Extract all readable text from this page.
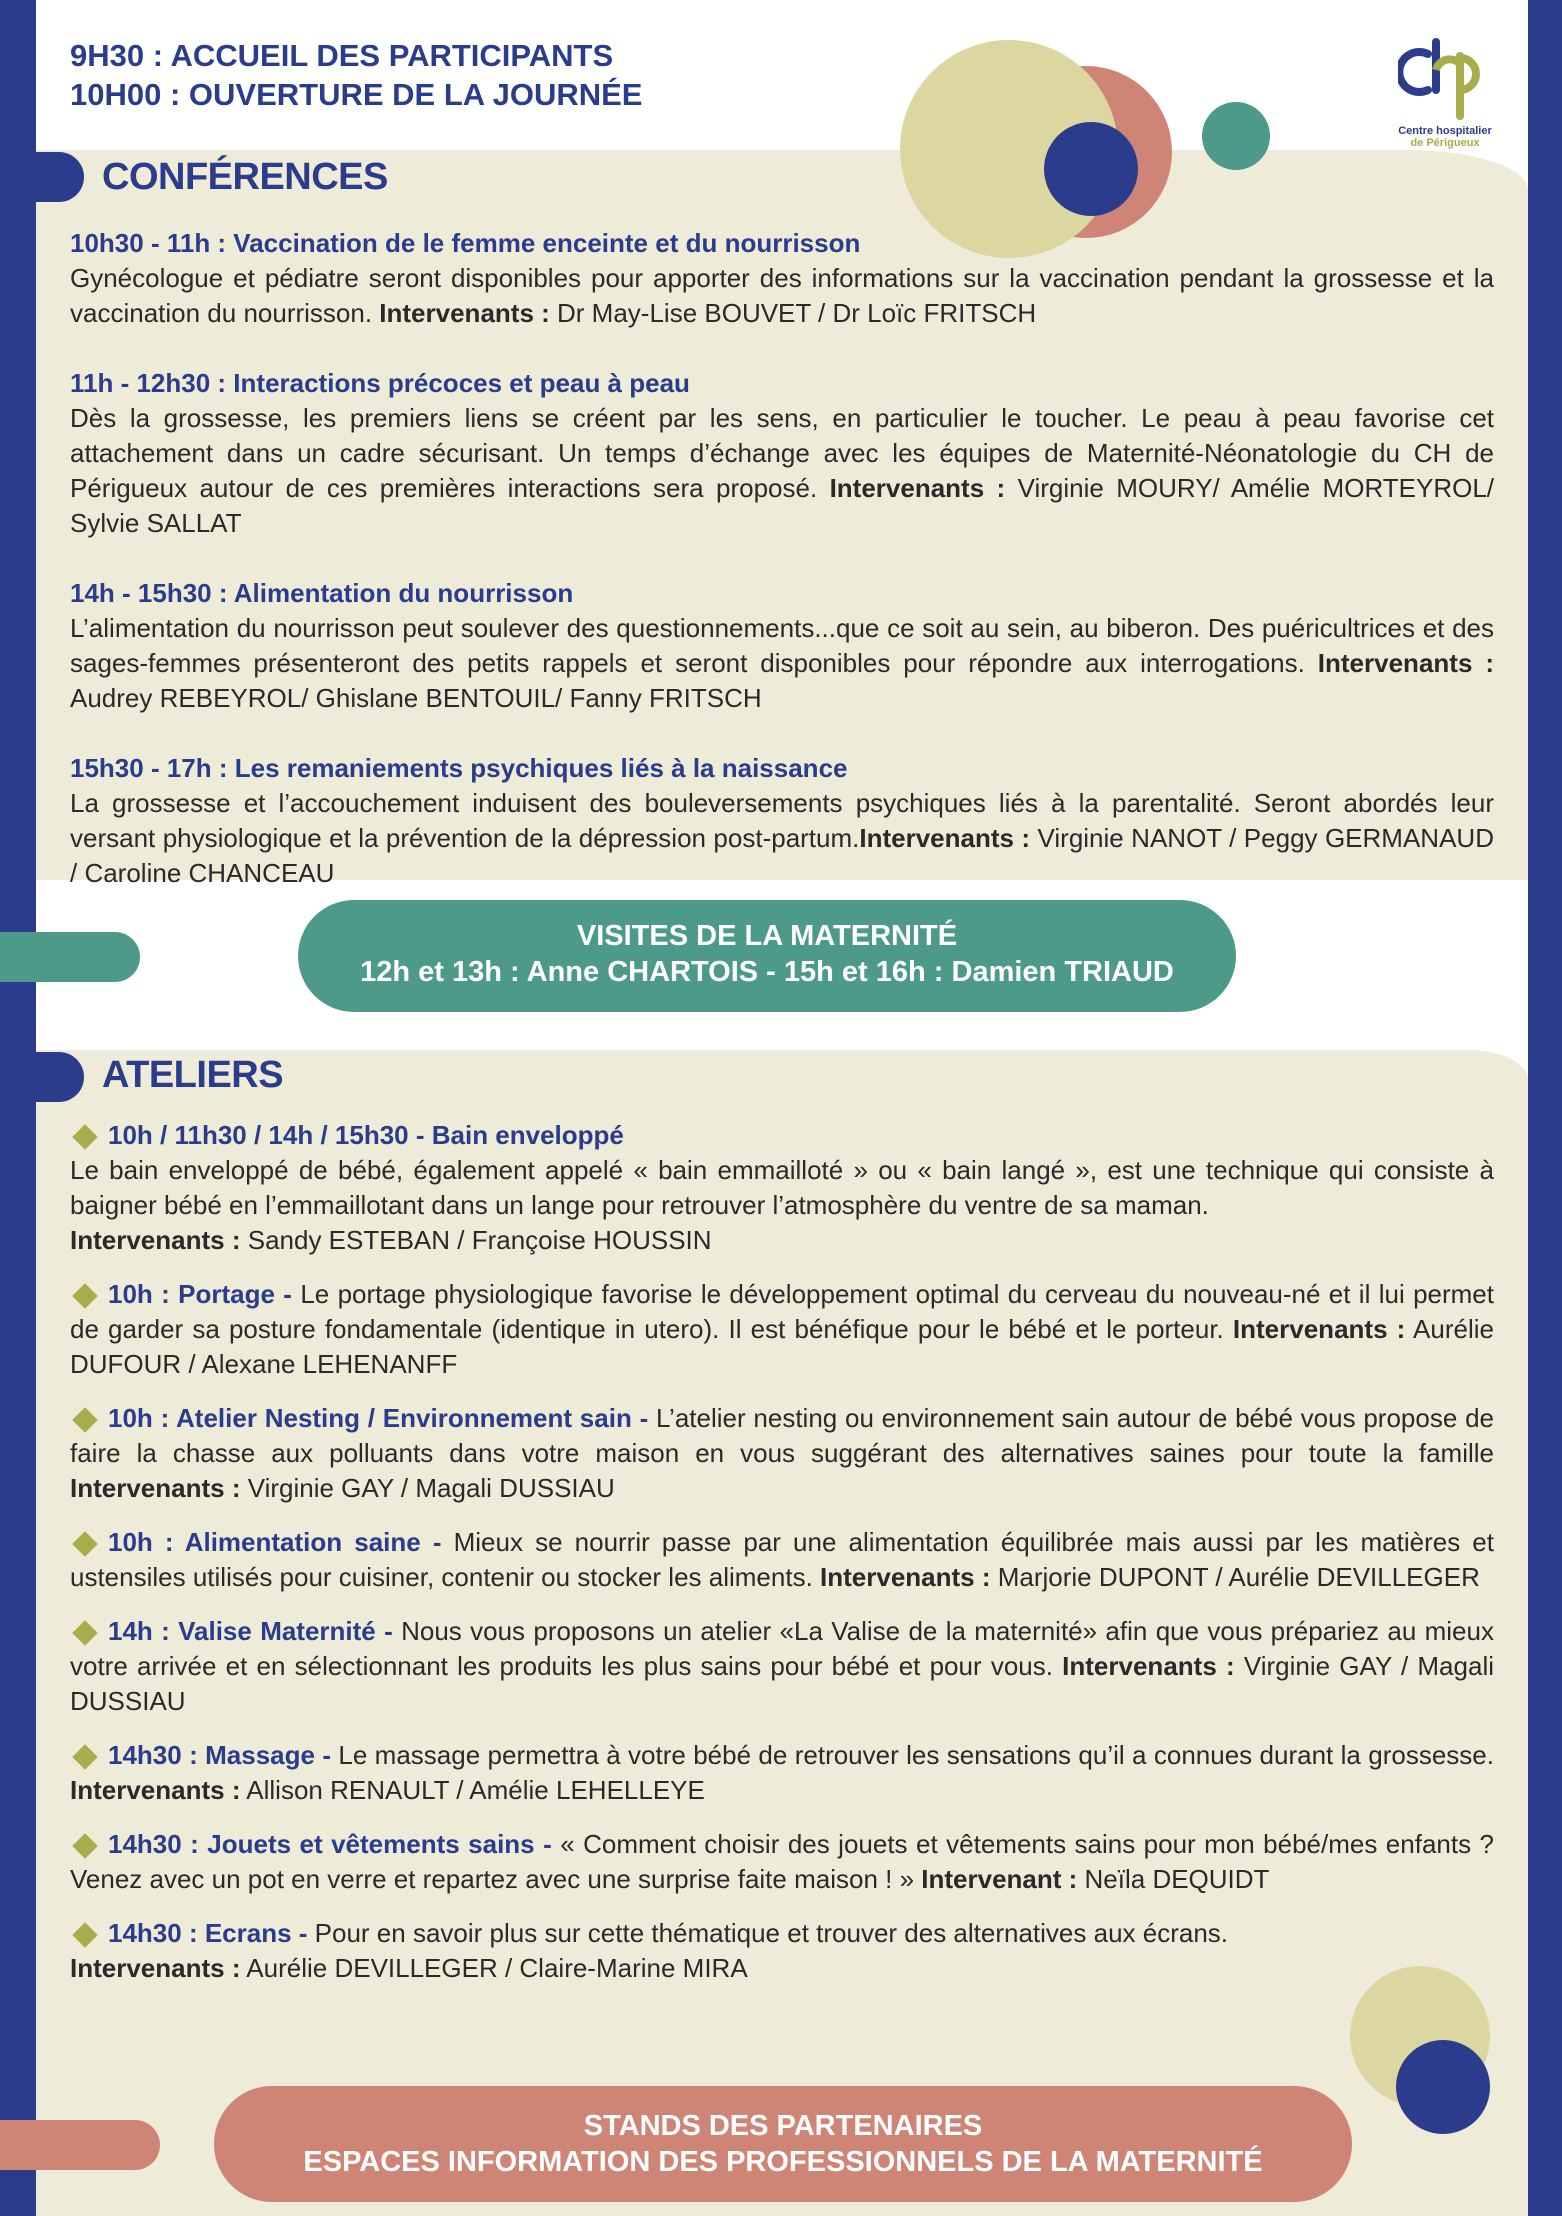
Centre hospitalier
de Périgueux
9H30 : ACCUEIL DES PARTICIPANTS
10H00 : OUVERTURE DE LA JOURNÉE
CONFÉRENCES

10h30 - 11h : Vaccination de le femme enceinte et du nourrisson
Gynécologue et pédiatre seront disponibles pour apporter des informations sur la vaccination pendant la grossesse et la vaccination du nourrisson. Intervenants : Dr May-Lise BOUVET / Dr Loïc FRITSCH

11h - 12h30 : Interactions précoces et peau à peau
Dès la grossesse, les premiers liens se créent par les sens, en particulier le toucher. Le peau à peau favorise cet attachement dans un cadre sécurisant. Un temps d’échange avec les équipes de Maternité-Néonatologie du CH de Périgueux autour de ces premières interactions sera proposé. Intervenants : Virginie MOURY/ Amélie MORTEYROL/ Sylvie SALLAT

14h - 15h30 : Alimentation du nourrisson
L’alimentation du nourrisson peut soulever des questionnements...que ce soit au sein, au biberon. Des puéricultrices et des sages-femmes présenteront des petits rappels et seront disponibles pour répondre aux interrogations. Intervenants : Audrey REBEYROL/ Ghislane BENTOUIL/ Fanny FRITSCH

15h30 - 17h : Les remaniements psychiques liés à la naissance
La grossesse et l’accouchement induisent des bouleversements psychiques liés à la parentalité. Seront abordés leur versant physiologique et la prévention de la dépression post-partum.Intervenants : Virginie NANOT / Peggy GERMANAUD / Caroline CHANCEAU

VISITES DE LA MATERNITÉ
12h et 13h : Anne CHARTOIS - 15h et 16h : Damien TRIAUD
ATELIERS

10h / 11h30 / 14h / 15h30 - Bain enveloppé
Le bain enveloppé de bébé, également appelé « bain emmailloté » ou « bain langé », est une technique qui consiste à baigner bébé en l’emmaillotant dans un lange pour retrouver l’atmosphère du ventre de sa maman.
Intervenants : Sandy ESTEBAN / Françoise HOUSSIN

10h : Portage - Le portage physiologique favorise le développement optimal du cerveau du nouveau-né et il lui permet de garder sa posture fondamentale (identique in utero). Il est bénéfique pour le bébé et le porteur. Intervenants : Aurélie DUFOUR / Alexane LEHENANFF

10h : Atelier Nesting / Environnement sain - L’atelier nesting ou environnement sain autour de bébé vous propose de faire la chasse aux polluants dans votre maison en vous suggérant des alternatives saines pour toute la famille Intervenants : Virginie GAY / Magali DUSSIAU

10h : Alimentation saine - Mieux se nourrir passe par une alimentation équilibrée mais aussi par les matières et ustensiles utilisés pour cuisiner, contenir ou stocker les aliments. Intervenants : Marjorie DUPONT / Aurélie DEVILLEGER

14h : Valise Maternité - Nous vous proposons un atelier «La Valise de la maternité» afin que vous prépariez au mieux votre arrivée et en sélectionnant les produits les plus sains pour bébé et pour vous. Intervenants : Virginie GAY / Magali DUSSIAU

14h30 : Massage - Le massage permettra à votre bébé de retrouver les sensations qu’il a connues durant la grossesse. Intervenants : Allison RENAULT / Amélie LEHELLEYE

14h30 : Jouets et vêtements sains - « Comment choisir des jouets et vêtements sains pour mon bébé/mes enfants ? Venez avec un pot en verre et repartez avec une surprise faite maison ! » Intervenant : Neïla DEQUIDT

14h30 : Ecrans - Pour en savoir plus sur cette thématique et trouver des alternatives aux écrans.
Intervenants : Aurélie DEVILLEGER / Claire-Marine MIRA

STANDS DES PARTENAIRES
ESPACES INFORMATION DES PROFESSIONNELS DE LA MATERNITÉ
